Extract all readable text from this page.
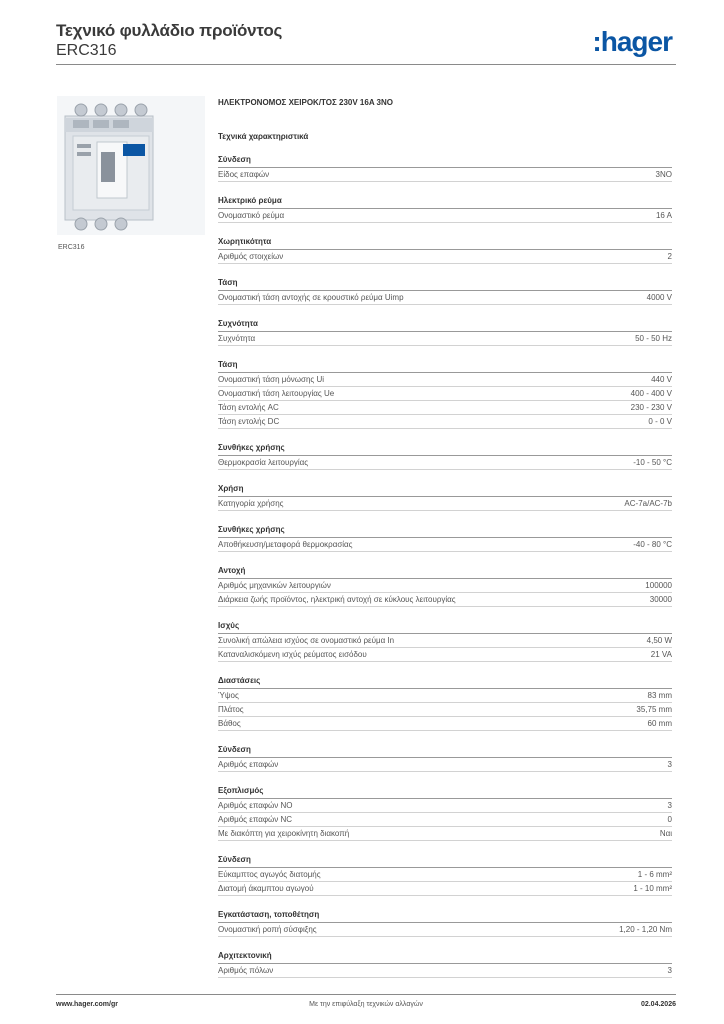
Τεχνικό φυλλάδιο προϊόντος
ERC316	:hager
ERC316
ΗΛΕΚΤΡΟΝΟΜΟΣ ΧΕΙΡΟΚ/ΤΟΣ 230V 16A 3NO
Τεχνικά χαρακτηριστικά
Σύνδεση
Είδος επαφών	3NO
Ηλεκτρικό ρεύμα
Ονομαστικό ρεύμα	16 A
Χωρητικότητα
Αριθμός στοιχείων	2
Τάση
Ονομαστική τάση αντοχής σε κρουστικό ρεύμα Uimp	4000 V
Συχνότητα
Συχνότητα	50 - 50 Hz
Τάση
Ονομαστική τάση μόνωσης Ui	440 V
Ονομαστική τάση λειτουργίας Ue	400 - 400 V
Τάση εντολής AC	230 - 230 V
Τάση εντολής DC	0 - 0 V
Συνθήκες χρήσης
Θερμοκρασία λειτουργίας	-10 - 50 °C
Χρήση
Κατηγορία χρήσης	AC-7a/AC-7b
Συνθήκες χρήσης
Αποθήκευση/μεταφορά θερμοκρασίας	-40 - 80 °C
Αντοχή
Αριθμός μηχανικών λειτουργιών	100000
Διάρκεια ζωής προϊόντος, ηλεκτρική αντοχή σε κύκλους λειτουργίας	30000
Ισχύς
Συνολική απώλεια ισχύος σε ονομαστικό ρεύμα In	4,50 W
Καταναλισκόμενη ισχύς ρεύματος εισόδου	21 VA
Διαστάσεις
Ύψος	83 mm
Πλάτος	35,75 mm
Βάθος	60 mm
Σύνδεση
Αριθμός επαφών	3
Εξοπλισμός
Αριθμός επαφών NO	3
Αριθμός επαφών NC	0
Με διακόπτη για χειροκίνητη διακοπή	Ναι
Σύνδεση
Εύκαμπτος αγωγός διατομής	1 - 6 mm²
Διατομή άκαμπτου αγωγού	1 - 10 mm²
Εγκατάσταση, τοποθέτηση
Ονομαστική ροπή σύσφιξης	1,20 - 1,20 Nm
Αρχιτεκτονική
Αριθμός πόλων	3
www.hager.com/gr	Με την επιφύλαξη τεχνικών αλλαγών	02.04.2026
